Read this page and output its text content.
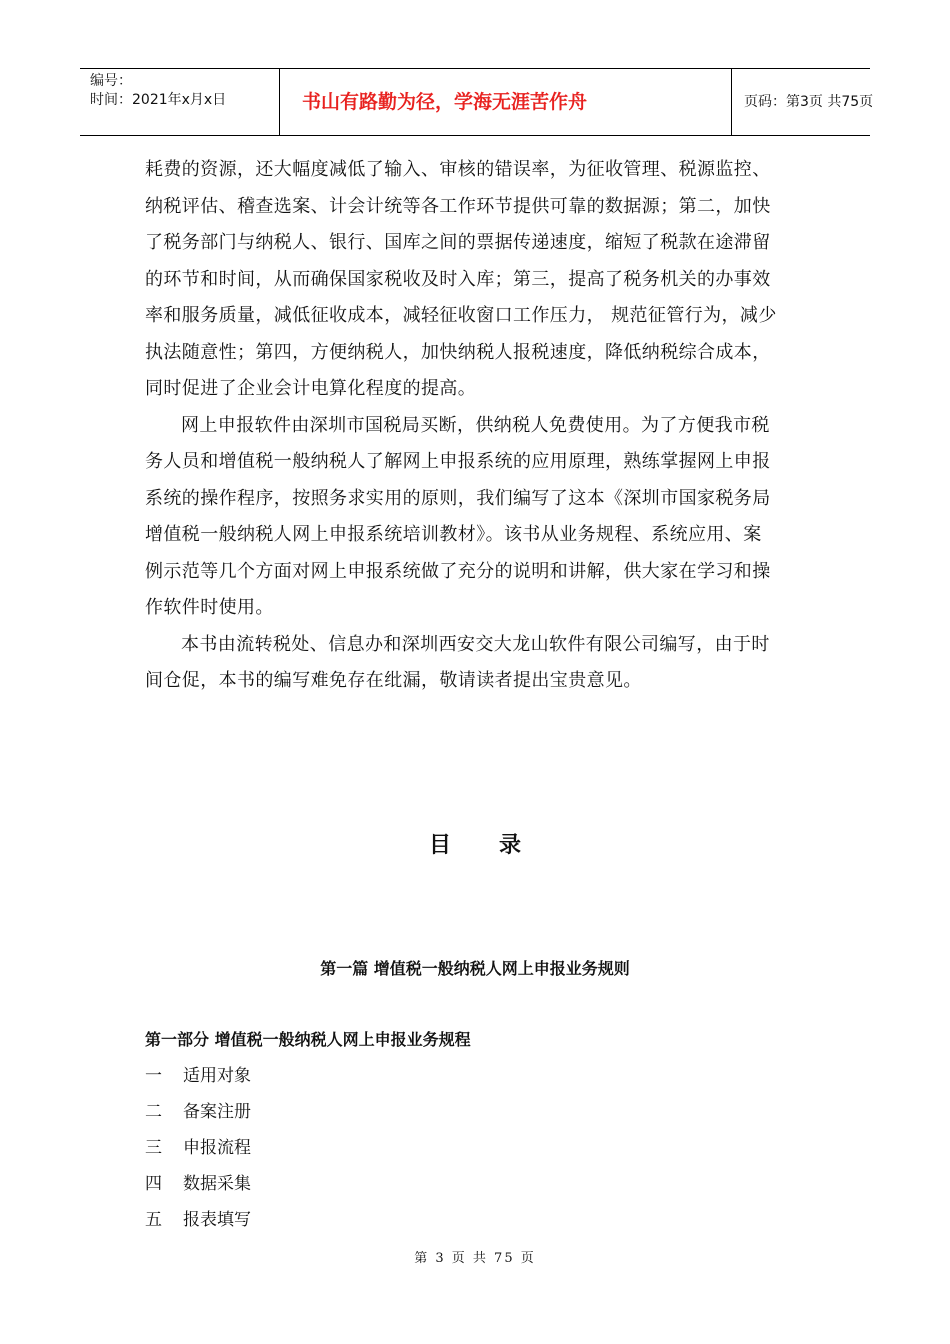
编号：
时间：2021年x月x日	书山有路勤为径，学海无涯苦作舟	页码：第3页 共75页

耗费的资源，还大幅度减低了输入、审核的错误率，为征收管理、税源监控、
纳税评估、稽查选案、计会计统等各工作环节提供可靠的数据源；第二，加快
了税务部门与纳税人、银行、国库之间的票据传递速度，缩短了税款在途滞留
的环节和时间，从而确保国家税收及时入库；第三，提高了税务机关的办事效
率和服务质量，减低征收成本，减轻征收窗口工作压力， 规范征管行为，减少
执法随意性；第四，方便纳税人，加快纳税人报税速度，降低纳税综合成本，
同时促进了企业会计电算化程度的提高。

网上申报软件由深圳市国税局买断，供纳税人免费使用。为了方便我市税
务人员和增值税一般纳税人了解网上申报系统的应用原理，熟练掌握网上申报
系统的操作程序，按照务求实用的原则，我们编写了这本《深圳市国家税务局
增值税一般纳税人网上申报系统培训教材》。该书从业务规程、系统应用、案
例示范等几个方面对网上申报系统做了充分的说明和讲解，供大家在学习和操
作软件时使用。

本书由流转税处、信息办和深圳西安交大龙山软件有限公司编写，由于时
间仓促，本书的编写难免存在纰漏，敬请读者提出宝贵意见。

目录
第一篇 增值税一般纳税人网上申报业务规则
第一部分 增值税一般纳税人网上申报业务规程
一 适用对象
二 备案注册
三 申报流程
四 数据采集
五 报表填写
第 3 页 共 75 页
